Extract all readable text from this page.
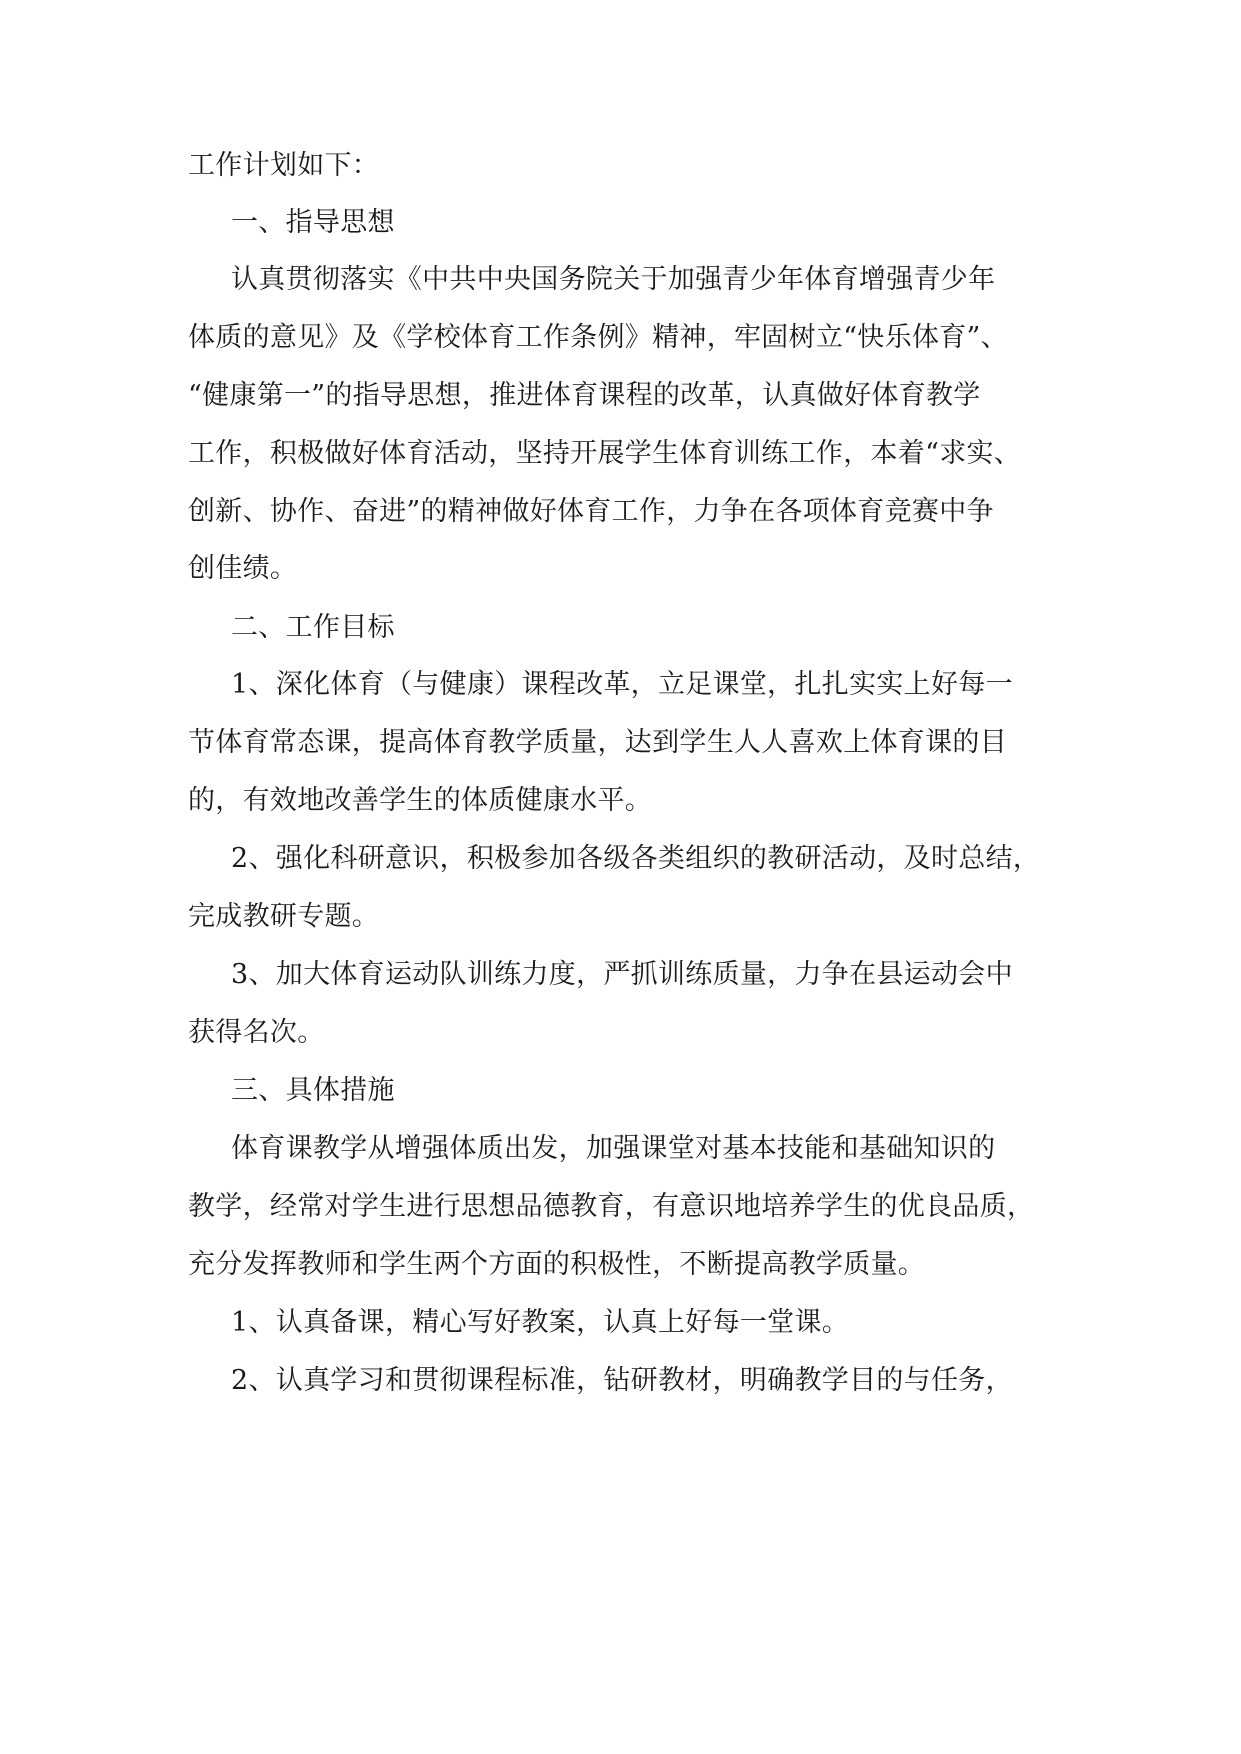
工作计划如下：
一、指导思想
认真贯彻落实《中共中央国务院关于加强青少年体育增强青少年
体质的意见》及《学校体育工作条例》精神，牢固树立“快乐体育”、
“健康第一”的指导思想，推进体育课程的改革，认真做好体育教学
工作，积极做好体育活动，坚持开展学生体育训练工作，本着“求实、
创新、协作、奋进”的精神做好体育工作，力争在各项体育竞赛中争
创佳绩。
二、工作目标
1、深化体育（与健康）课程改革，立足课堂，扎扎实实上好每一
节体育常态课，提高体育教学质量，达到学生人人喜欢上体育课的目
的，有效地改善学生的体质健康水平。
2、强化科研意识，积极参加各级各类组织的教研活动，及时总结，
完成教研专题。
3、加大体育运动队训练力度，严抓训练质量，力争在县运动会中
获得名次。
三、具体措施
体育课教学从增强体质出发，加强课堂对基本技能和基础知识的
教学，经常对学生进行思想品德教育，有意识地培养学生的优良品质，
充分发挥教师和学生两个方面的积极性，不断提高教学质量。
1、认真备课，精心写好教案，认真上好每一堂课。
2、认真学习和贯彻课程标准，钻研教材，明确教学目的与任务，
